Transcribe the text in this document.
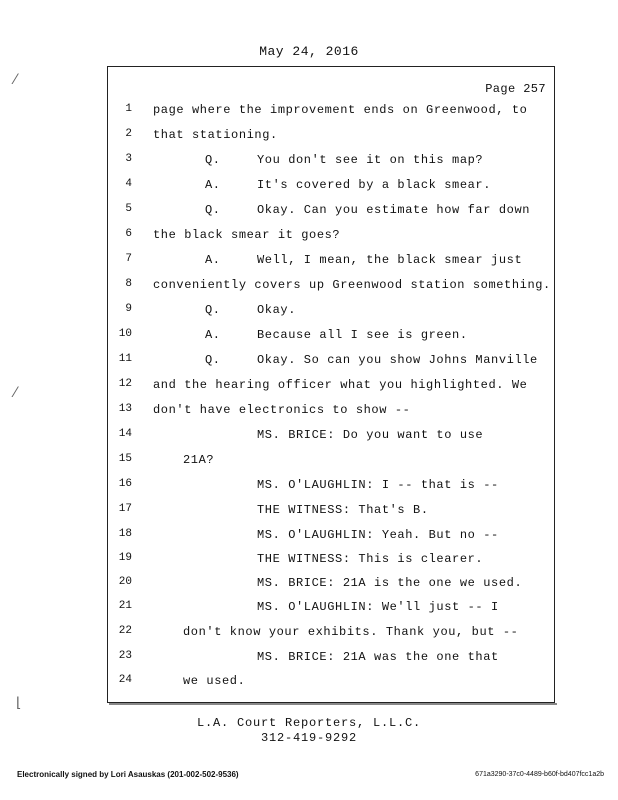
May 24, 2016
⁄
⁄
⌊
Page 257
1 page where the improvement ends on Greenwood, to
2 that stationing.
3	Q.	You don't see it on this map?
4	A.	It's covered by a black smear.
5	Q.	Okay. Can you estimate how far down
6 the black smear it goes?
7	A.	Well, I mean, the black smear just
8 conveniently covers up Greenwood station something.
9	Q.	Okay.
10	A.	Because all I see is green.
11	Q.	Okay. So can you show Johns Manville
12 and the hearing officer what you highlighted. We
13 don't have electronics to show --
14	MS. BRICE: Do you want to use
15	21A?
16	MS. O'LAUGHLIN: I -- that is --
17	THE WITNESS: That's B.
18	MS. O'LAUGHLIN: Yeah. But no --
19	THE WITNESS: This is clearer.
20	MS. BRICE: 21A is the one we used.
21	MS. O'LAUGHLIN: We'll just -- I
22	don't know your exhibits. Thank you, but --
23	MS. BRICE: 21A was the one that
24	we used.
L.A. Court Reporters, L.L.C.
312-419-9292
Electronically signed by Lori Asauskas (201-002-502-9536)	671a3290-37c0-4489-b60f-bd407fcc1a2b
